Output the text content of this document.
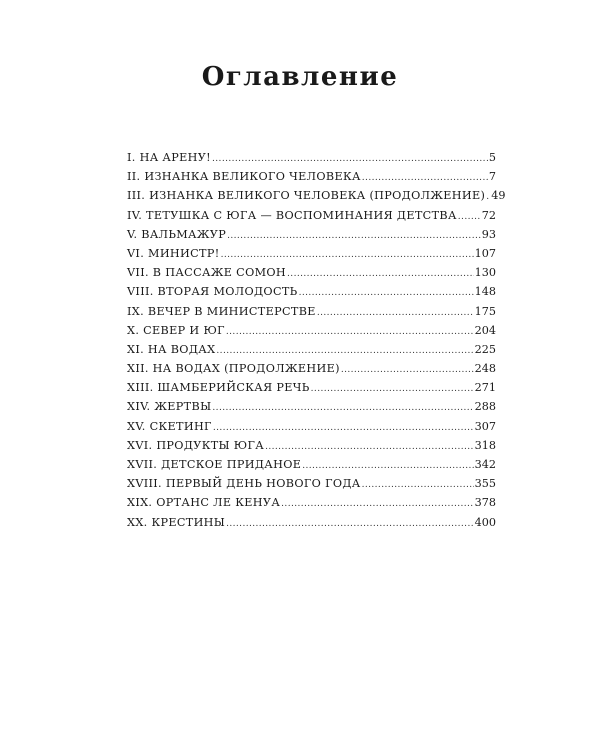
Оглавление
I. НА АРЕНУ! .....	5
II. ИЗНАНКА ВЕЛИКОГО ЧЕЛОВЕКА .....	7
III. ИЗНАНКА ВЕЛИКОГО ЧЕЛОВЕКА (ПРОДОЛЖЕНИЕ) ..... 49
IV. ТЕТУШКА С ЮГА — ВОСПОМИНАНИЯ ДЕТСТВА ..... 72
V. ВАЛЬМАЖУР .....	93
VI. МИНИСТР! .....	107
VII. В ПАССАЖЕ СОМОН .....	130
VIII. ВТОРАЯ МОЛОДОСТЬ .....	148
IX. ВЕЧЕР В МИНИСТЕРСТВЕ .....	175
X. СЕВЕР И ЮГ .....	204
XI. НА ВОДАХ .....	225
XII. НА ВОДАХ (ПРОДОЛЖЕНИЕ) .....	248
XIII. ШАМБЕРИЙСКАЯ РЕЧЬ .....	271
XIV. ЖЕРТВЫ .....	288
XV. СКЕТИНГ .....	307
XVI. ПРОДУКТЫ ЮГА .....	318
XVII. ДЕТСКОЕ ПРИДАНОЕ .....	342
XVIII. ПЕРВЫЙ ДЕНЬ НОВОГО ГОДА .....	355
XIX. ОРТАНС ЛЕ КЕНУА .....	378
XX. КРЕСТИНЫ .....	400
